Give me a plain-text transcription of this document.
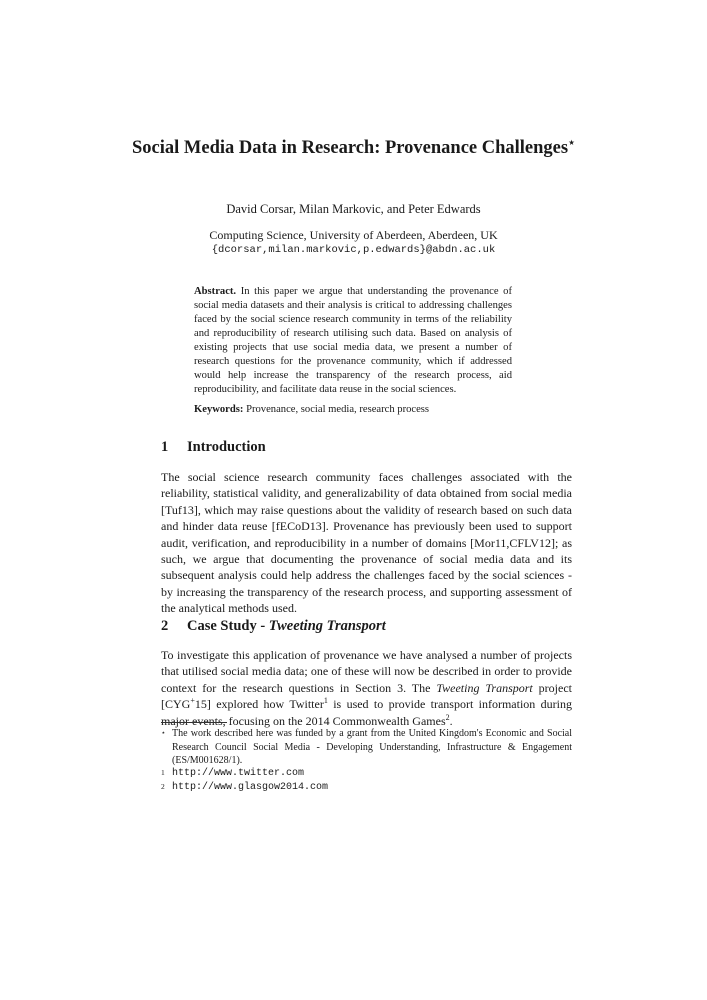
Social Media Data in Research: Provenance Challenges⋆
David Corsar, Milan Markovic, and Peter Edwards
Computing Science, University of Aberdeen, Aberdeen, UK
{dcorsar,milan.markovic,p.edwards}@abdn.ac.uk
Abstract. In this paper we argue that understanding the provenance of social media datasets and their analysis is critical to addressing challenges faced by the social science research community in terms of the reliability and reproducibility of research utilising such data. Based on analysis of existing projects that use social media data, we present a number of research questions for the provenance community, which if addressed would help increase the transparency of the research process, aid reproducibility, and facilitate data reuse in the social sciences.
Keywords: Provenance, social media, research process
1 Introduction
The social science research community faces challenges associated with the reliability, statistical validity, and generalizability of data obtained from social media [Tuf13], which may raise questions about the validity of research based on such data and hinder data reuse [fECoD13]. Provenance has previously been used to support audit, verification, and reproducibility in a number of domains [Mor11,CFLV12]; as such, we argue that documenting the provenance of social media data and its subsequent analysis could help address the challenges faced by the social sciences - by increasing the transparency of the research process, and supporting assessment of the analytical methods used.
2 Case Study - Tweeting Transport
To investigate this application of provenance we have analysed a number of projects that utilised social media data; one of these will now be described in order to provide context for the research questions in Section 3. The Tweeting Transport project [CYG+15] explored how Twitter$^1$ is used to provide transport information during major events, focusing on the 2014 Commonwealth Games$^2$.
⋆ The work described here was funded by a grant from the United Kingdom's Economic and Social Research Council Social Media - Developing Understanding, Infrastructure & Engagement (ES/M001628/1).
1 http://www.twitter.com
2 http://www.glasgow2014.com
